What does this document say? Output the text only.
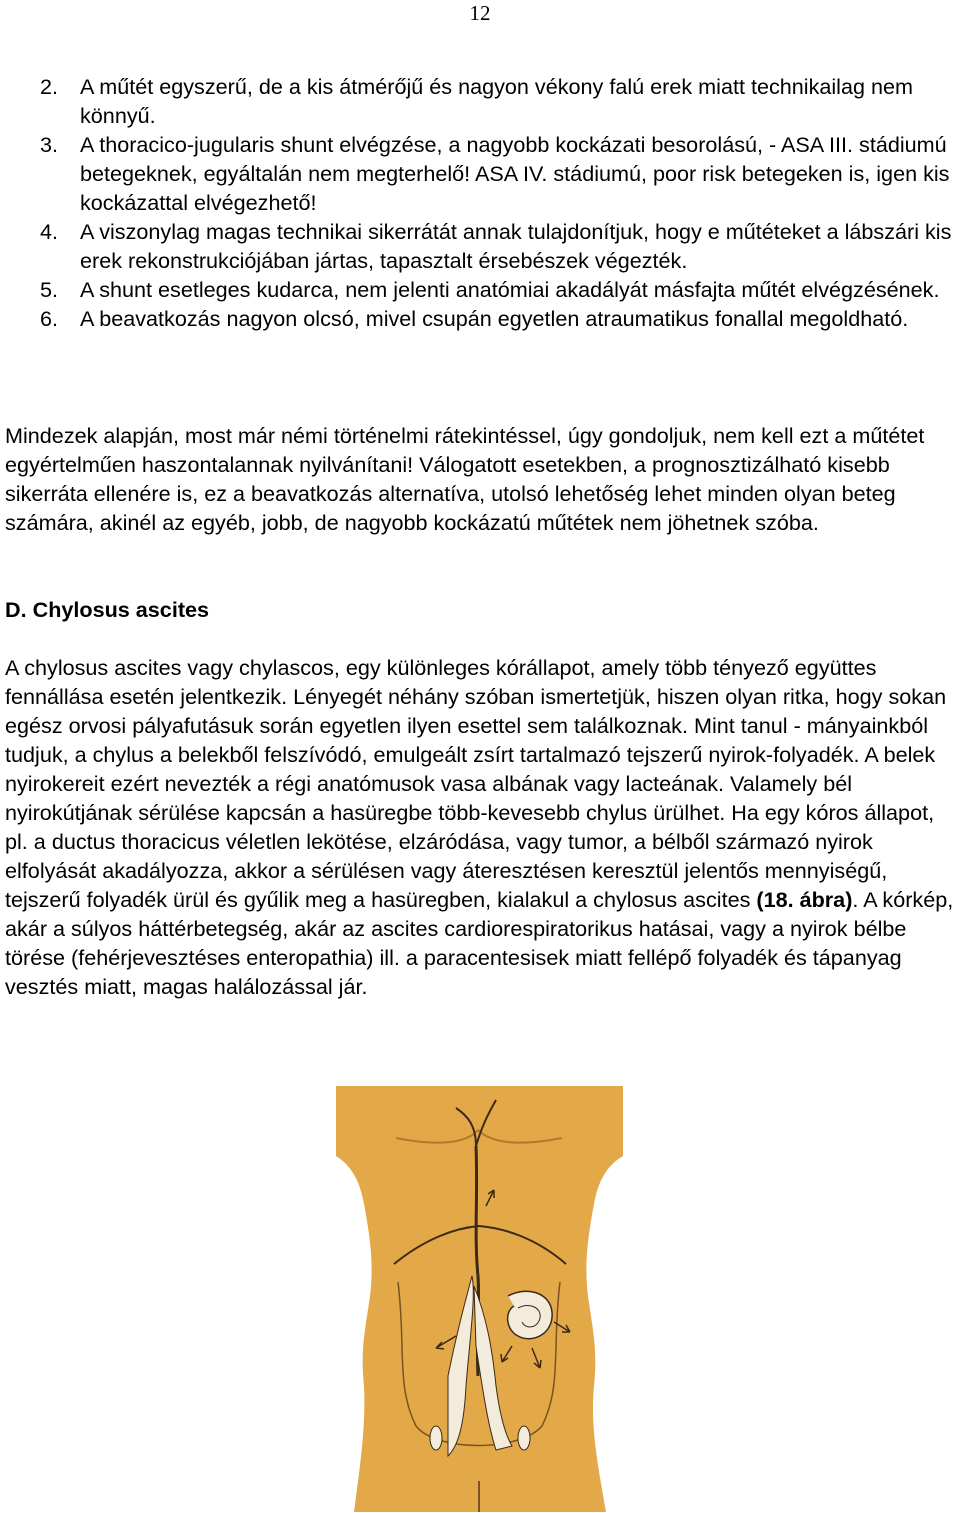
12
2. A műtét egyszerű, de a kis átmérőjű és nagyon vékony falú erek miatt technikailag nem könnyű.
3. A thoracico-jugularis shunt elvégzése, a nagyobb kockázati besorolású, - ASA III. stádiumú betegeknek, egyáltalán nem megterhelő! ASA IV. stádiumú, poor risk betegeken is, igen kis kockázattal elvégezhető!
4. A viszonylag magas technikai sikerrátát annak tulajdonítjuk, hogy e műtéteket a lábszári kis erek rekonstrukciójában jártas, tapasztalt érsebészek végezték.
5. A shunt esetleges kudarca, nem jelenti anatómiai akadályát másfajta műtét elvégzésének.
6. A beavatkozás nagyon olcsó, mivel csupán egyetlen atraumatikus fonallal megoldható.

Mindezek alapján, most már némi történelmi rátekintéssel, úgy gondoljuk, nem kell ezt a műtétet egyértelműen haszontalannak nyilvánítani! Válogatott esetekben, a prognosztizálható kisebb sikerráta ellenére is, ez a beavatkozás alternatíva, utolsó lehetőség lehet minden olyan beteg számára, akinél az egyéb, jobb, de nagyobb kockázatú műtétek nem jöhetnek szóba.

D. Chylosus ascites

A chylosus ascites vagy chylascos, egy különleges kórállapot, amely több tényező együttes fennállása esetén jelentkezik. Lényegét néhány szóban ismertetjük, hiszen olyan ritka, hogy sokan egész orvosi pályafutásuk során egyetlen ilyen esettel sem találkoznak. Mint tanul - mányainkból tudjuk, a chylus a belekből felszívódó, emulgeált zsírt tartalmazó tejszerű nyirok-folyadék. A belek nyirokereit ezért nevezték a régi anatómusok vasa albának vagy lacteának. Valamely bél nyirokútjának sérülése kapcsán a hasüregbe több-kevesebb chylus ürülhet. Ha egy kóros állapot, pl. a ductus thoracicus véletlen lekötése, elzáródása, vagy tumor, a bélből származó nyirok elfolyását akadályozza, akkor a sérülésen vagy áteresztésen keresztül jelentős mennyiségű, tejszerű folyadék ürül és gyűlik meg a hasüregben, kialakul a chylosus ascites (18. ábra). A kórkép, akár a súlyos háttérbetegség, akár az ascites cardiorespiratorikus hatásai, vagy a nyirok bélbe törése (fehérjevesztéses enteropathia) ill. a paracentesisek miatt fellépő folyadék és tápanyag vesztés miatt, magas halálozással jár.
